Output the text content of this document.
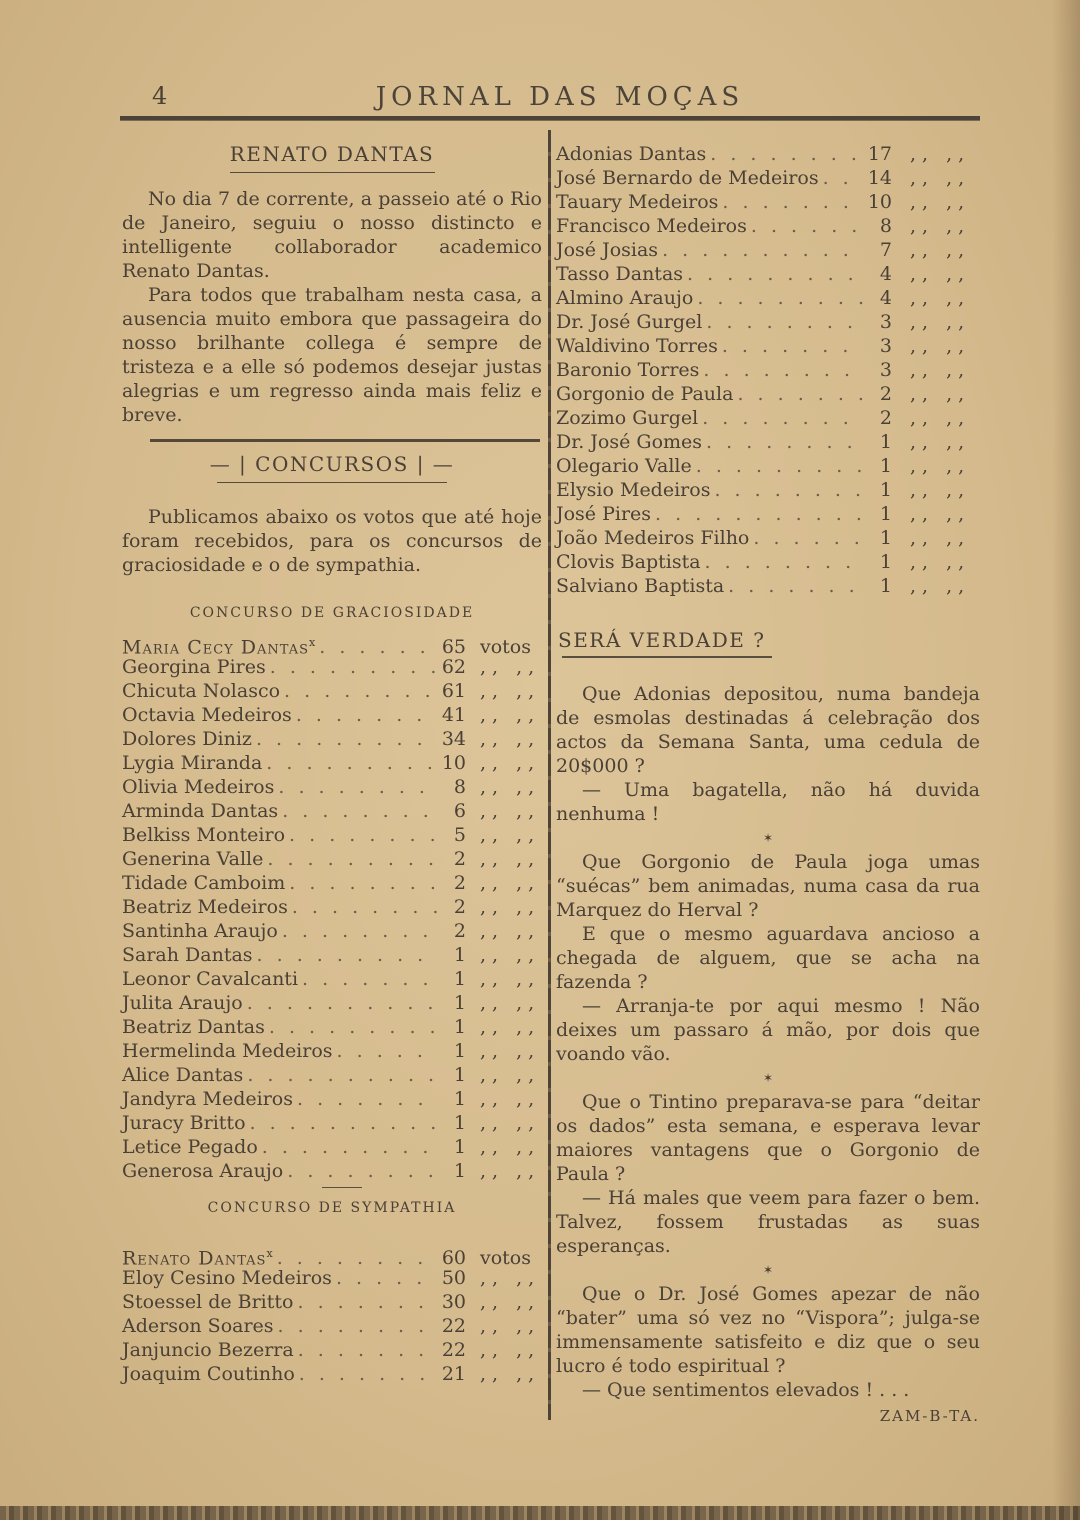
4	JORNAL DAS MOÇAS
RENATO DANTAS

No dia 7 de corrente, a passeio até o Rio de Janeiro, seguiu o nosso distincto e intelligente collaborador academico Renato Dantas.

Para todos que trabalham nesta casa, a ausencia muito embora que passageira do nosso brilhante collega é sempre de tristeza e a elle só podemos desejar justas alegrias e um regresso ainda mais feliz e breve.

— | CONCURSOS | —

Publicamos abaixo os votos que até hoje foram recebidos, para os concursos de graciosidade e o de sympathia.

CONCURSO DE GRACIOSIDADE
Maria Cecy Dantas$^x$ . . .	65 votos
Georgina Pires . . .	62 ,, ,,
Chicuta Nolasco . . .	61 ,, ,,
Octavia Medeiros . . .	41 ,, ,,
Dolores Diniz . . .	34 ,, ,,
Lygia Miranda . . .	10 ,, ,,
Olivia Medeiros . . .	8 ,, ,,
Arminda Dantas . . .	6 ,, ,,
Belkiss Monteiro . . .	5 ,, ,,
Generina Valle . . .	2 ,, ,,
Tidade Camboim . . .	2 ,, ,,
Beatriz Medeiros . . .	2 ,, ,,
Santinha Araujo . . .	2 ,, ,,
Sarah Dantas . . .	1 ,, ,,
Leonor Cavalcanti . . .	1 ,, ,,
Julita Araujo . . .	1 ,, ,,
Beatriz Dantas . . .	1 ,, ,,
Hermelinda Medeiros . . .	1 ,, ,,
Alice Dantas . . .	1 ,, ,,
Jandyra Medeiros . . .	1 ,, ,,
Juracy Britto . . .	1 ,, ,,
Letice Pegado . . .	1 ,, ,,
Generosa Araujo . . .	1 ,, ,,
CONCURSO DE SYMPATHIA
Renato Dantas$^x$ . . .	60 votos
Eloy Cesino Medeiros . . .	50 ,, ,,
Stoessel de Britto . . .	30 ,, ,,
Aderson Soares . . .	22 ,, ,,
Janjuncio Bezerra . . .	22 ,, ,,
Joaquim Coutinho . . .	21 ,, ,,
Adonias Dantas . . .	17 ,, ,,
José Bernardo de Medeiros . . .	14 ,, ,,
Tauary Medeiros . . .	10 ,, ,,
Francisco Medeiros . . .	8 ,, ,,
José Josias . . .	7 ,, ,,
Tasso Dantas . . .	4 ,, ,,
Almino Araujo . . .	4 ,, ,,
Dr. José Gurgel . . .	3 ,, ,,
Waldivino Torres . . .	3 ,, ,,
Baronio Torres . . .	3 ,, ,,
Gorgonio de Paula . . .	2 ,, ,,
Zozimo Gurgel . . .	2 ,, ,,
Dr. José Gomes . . .	1 ,, ,,
Olegario Valle . . .	1 ,, ,,
Elysio Medeiros . . .	1 ,, ,,
José Pires . . .	1 ,, ,,
João Medeiros Filho . . .	1 ,, ,,
Clovis Baptista . . .	1 ,, ,,
Salviano Baptista . . .	1 ,, ,,
SERÁ VERDADE ?

Que Adonias depositou, numa bandeja de esmolas destinadas á celebração dos actos da Semana Santa, uma cedula de 20$000 ?

— Uma bagatella, não há duvida nenhuma !

✶

Que Gorgonio de Paula joga umas “suécas” bem animadas, numa casa da rua Marquez do Herval ?

E que o mesmo aguardava ancioso a chegada de alguem, que se acha na fazenda ?

— Arranja-te por aqui mesmo ! Não deixes um passaro á mão, por dois que voando vão.

✶

Que o Tintino preparava-se para “deitar os dados” esta semana, e esperava levar maiores vantagens que o Gorgonio de Paula ?

— Há males que veem para fazer o bem. Talvez, fossem frustadas as suas esperanças.

✶

Que o Dr. José Gomes apezar de não “bater” uma só vez no “Vispora”; julga-se immensamente satisfeito e diz que o seu lucro é todo espiritual ?

— Que sentimentos elevados ! . . .

ZAM-B-TA.
